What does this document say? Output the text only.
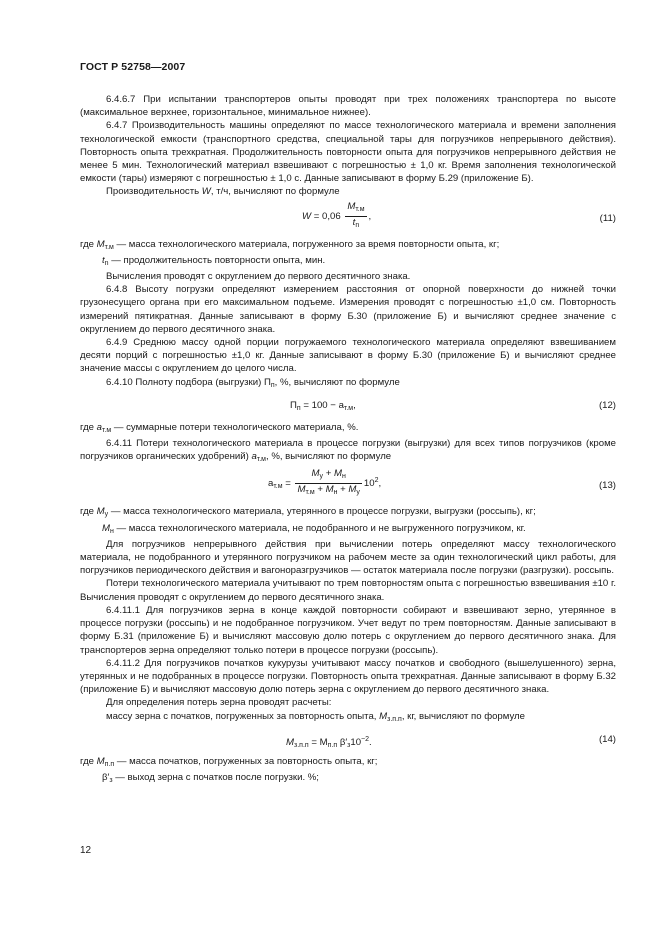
ГОСТ Р 52758—2007

6.4.6.7 При испытании транспортеров опыты проводят при трех положениях транспортера по высоте (максимальное верхнее, горизонтальное, минимальное нижнее).

6.4.7 Производительность машины определяют по массе технологического материала и времени заполнения технологической емкости (транспортного средства, специальной тары для погрузчиков непрерывного действия). Повторность опыта трехкратная. Продолжительность повторности опыта для погрузчиков непрерывного действия не менее 5 мин. Технологический материал взвешивают с погрешностью ± 1,0 кг. Время заполнения технологической емкости (тары) измеряют с погрешностью ± 1,0 с. Данные записывают в форму Б.29 (приложение Б).

Производительность W, т/ч, вычисляют по формуле

$W = 0,06 \frac{M_{т.м}}{t_n}$ ,	(11)

где $M_{т.м}$ — масса технологического материала, погруженного за время повторности опыта, кг;

$t_n$ — продолжительность повторности опыта, мин.

Вычисления проводят с округлением до первого десятичного знака.

6.4.8 Высоту погрузки определяют измерением расстояния от опорной поверхности до нижней точки грузонесущего органа при его максимальном подъеме. Измерения проводят с погрешностью ±1,0 см. Повторность измерений пятикратная. Данные записывают в форму Б.30 (приложение Б) и вычисляют среднее значение с округлением до первого десятичного знака.

6.4.9 Среднюю массу одной порции погружаемого технологического материала определяют взвешиванием десяти порций с погрешностью ±1,0 кг. Данные записывают в форму Б.30 (приложение Б) и вычисляют среднее значение массы с округлением до целого числа.

6.4.10 Полноту подбора (выгрузки) $П_п$, %, вычисляют по формуле

$П_п = 100 - a_{т.м}$,	(12)

где $a_{т.м}$ — суммарные потери технологического материала, %.

6.4.11 Потери технологического материала в процессе погрузки (выгрузки) для всех типов погрузчиков (кроме погрузчиков органических удобрений) $a_{т.м}$, %, вычисляют по формуле

$a_{т.м} = \frac{M_у + M_н}{M_{т.м} + M_н + M_у} 10^2$,	(13)

где $M_у$ — масса технологического материала, утерянного в процессе погрузки, выгрузки (россыпь), кг;

$M_н$ — масса технологического материала, не подобранного и не выгруженного погрузчиком, кг.

Для погрузчиков непрерывного действия при вычислении потерь определяют массу технологического материала, не подобранного и утерянного погрузчиком на рабочем месте за один технологический цикл работы, для погрузчиков периодического действия и вагоноразгрузчиков — остаток материала после погрузки (разгрузки). россыпь.

Потери технологического материала учитывают по трем повторностям опыта с погрешностью взвешивания ±10 г. Вычисления проводят с округлением до первого десятичного знака.

6.4.11.1 Для погрузчиков зерна в конце каждой повторности собирают и взвешивают зерно, утерянное в процессе погрузки (россыпь) и не подобранное погрузчиком. Учет ведут по трем повторностям. Данные записывают в форму Б.31 (приложение Б) и вычисляют массовую долю потерь с округлением до первого десятичного знака. Для транспортеров зерна определяют только потери в процессе погрузки (россыпь).

6.4.11.2 Для погрузчиков початков кукурузы учитывают массу початков и свободного (вышелушенного) зерна, утерянных и не подобранных в процессе погрузки. Повторность опыта трехкратная. Данные записывают в форму Б.32 (приложение Б) и вычисляют массовую долю потерь зерна с округлением до первого десятичного знака.

Для определения потерь зерна проводят расчеты:

массу зерна с початков, погруженных за повторность опыта, $M_{з.п.п}$, кг, вычисляют по формуле

$M_{з.п.п} = M_{п.п}$ $\beta'_з10^{-2}$.	(14)

где $M_{п.п}$ — масса початков, погруженных за повторность опыта, кг;

$\beta'_з$ — выход зерна с початков после погрузки. %;

12
